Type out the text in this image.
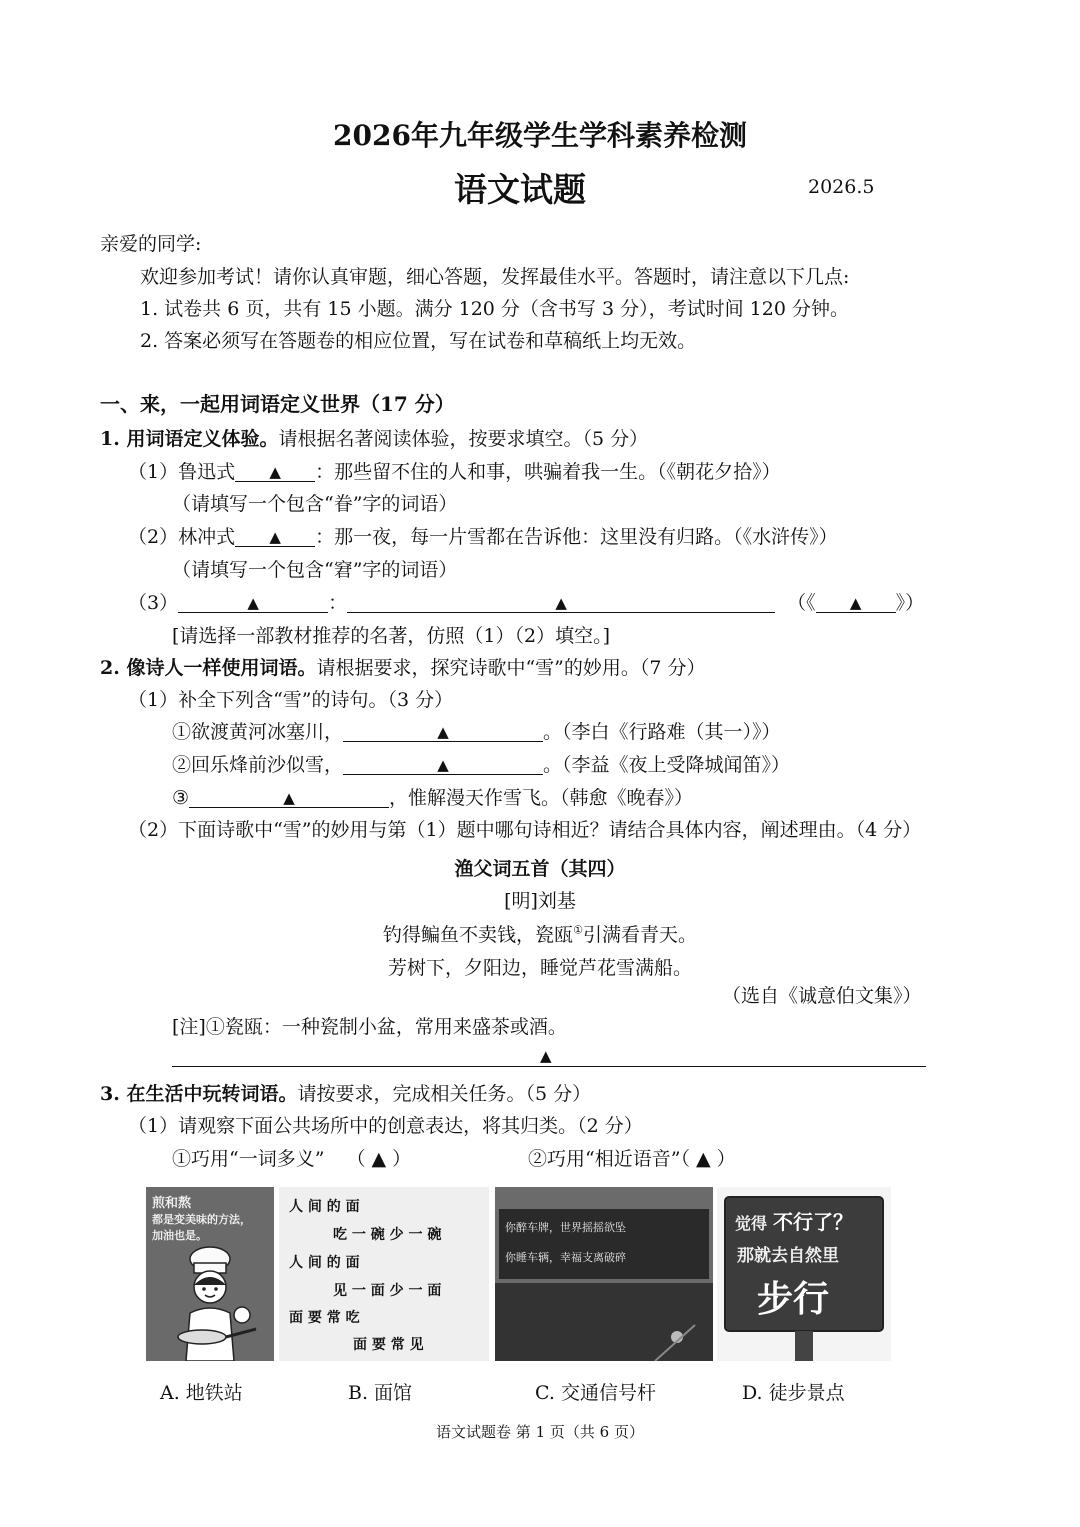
2026年九年级学生学科素养检测
语文试题	2026.5
亲爱的同学:
欢迎参加考试！请你认真审题，细心答题，发挥最佳水平。答题时，请注意以下几点:
1. 试卷共 6 页，共有 15 小题。满分 120 分（含书写 3 分），考试时间 120 分钟。
2. 答案必须写在答题卷的相应位置，写在试卷和草稿纸上均无效。
一、来，一起用词语定义世界（17 分）
1. 用词语定义体验。请根据名著阅读体验，按要求填空。（5 分）
（1）鲁迅式 ▲ ：那些留不住的人和事，哄骗着我一生。（《朝花夕拾》）
（请填写一个包含“眷”字的词语）
（2）林冲式 ▲ ：那一夜，每一片雪都在告诉他：这里没有归路。（《水浒传》）
（请填写一个包含“窘”字的词语）
（3）	▲	：	▲	（《 ▲ 》）
[请选择一部教材推荐的名著，仿照（1）（2）填空。]
2. 像诗人一样使用词语。请根据要求，探究诗歌中“雪”的妙用。（7 分）
（1）补全下列含“雪”的诗句。（3 分）
①欲渡黄河冰塞川，	▲	。（李白《行路难（其一）》）
②回乐烽前沙似雪，	▲	。（李益《夜上受降城闻笛》）
③	▲	，惟解漫天作雪飞。（韩愈《晚春》）
（2）下面诗歌中“雪”的妙用与第（1）题中哪句诗相近？请结合具体内容，阐述理由。（4 分）
渔父词五首（其四）
[明]刘基
钓得鳊鱼不卖钱，瓷瓯①引满看青天。
芳树下，夕阳边，睡觉芦花雪满船。
（选自《诚意伯文集》）
[注]①瓷瓯：一种瓷制小盆，常用来盛茶或酒。
▲
3. 在生活中玩转词语。请按要求，完成相关任务。（5 分）
（1）请观察下面公共场所中的创意表达，将其归类。（2 分）
①巧用“一词多义” （ ▲ ）	②巧用“相近语音”（ ▲ ）
煎和熬
都是变美味的方法，
加油也是。
人 间 的 面
吃 一 碗 少 一 碗
人 间 的 面
见 一 面 少 一 面
面 要 常 吃
面 要 常 见
你醉车牌，世界摇摇欲坠
你睡车辆，幸福支离破碎
觉得 不行了？
那就去自然里
步行
A. 地铁站	B. 面馆	C. 交通信号杆	D. 徒步景点
语文试题卷 第 1 页（共 6 页）
